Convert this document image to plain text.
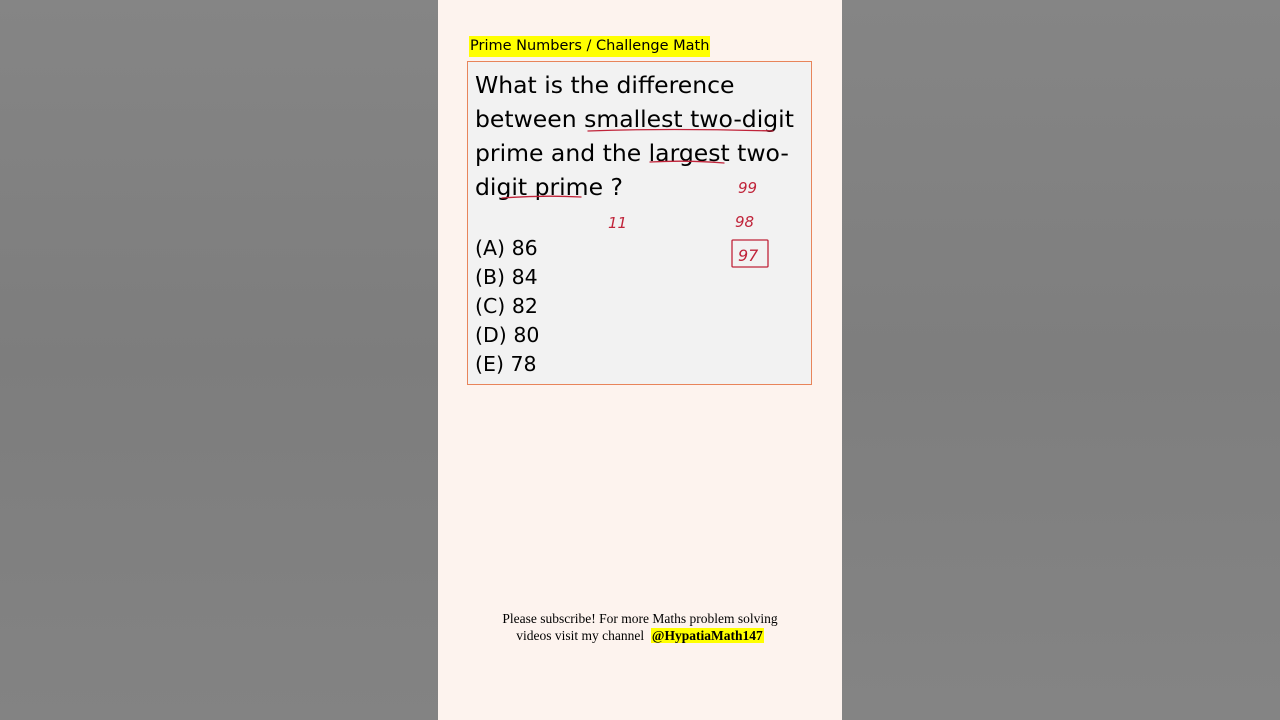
Prime Numbers / Challenge Math

What is the difference between smallest two-digit prime and the largest two-digit prime ?

(A) 86
(B) 84
(C) 82
(D) 80
(E) 78
11
99
98
97
Please subscribe! For more Maths problem solving
videos visit my channel @HypatiaMath147
